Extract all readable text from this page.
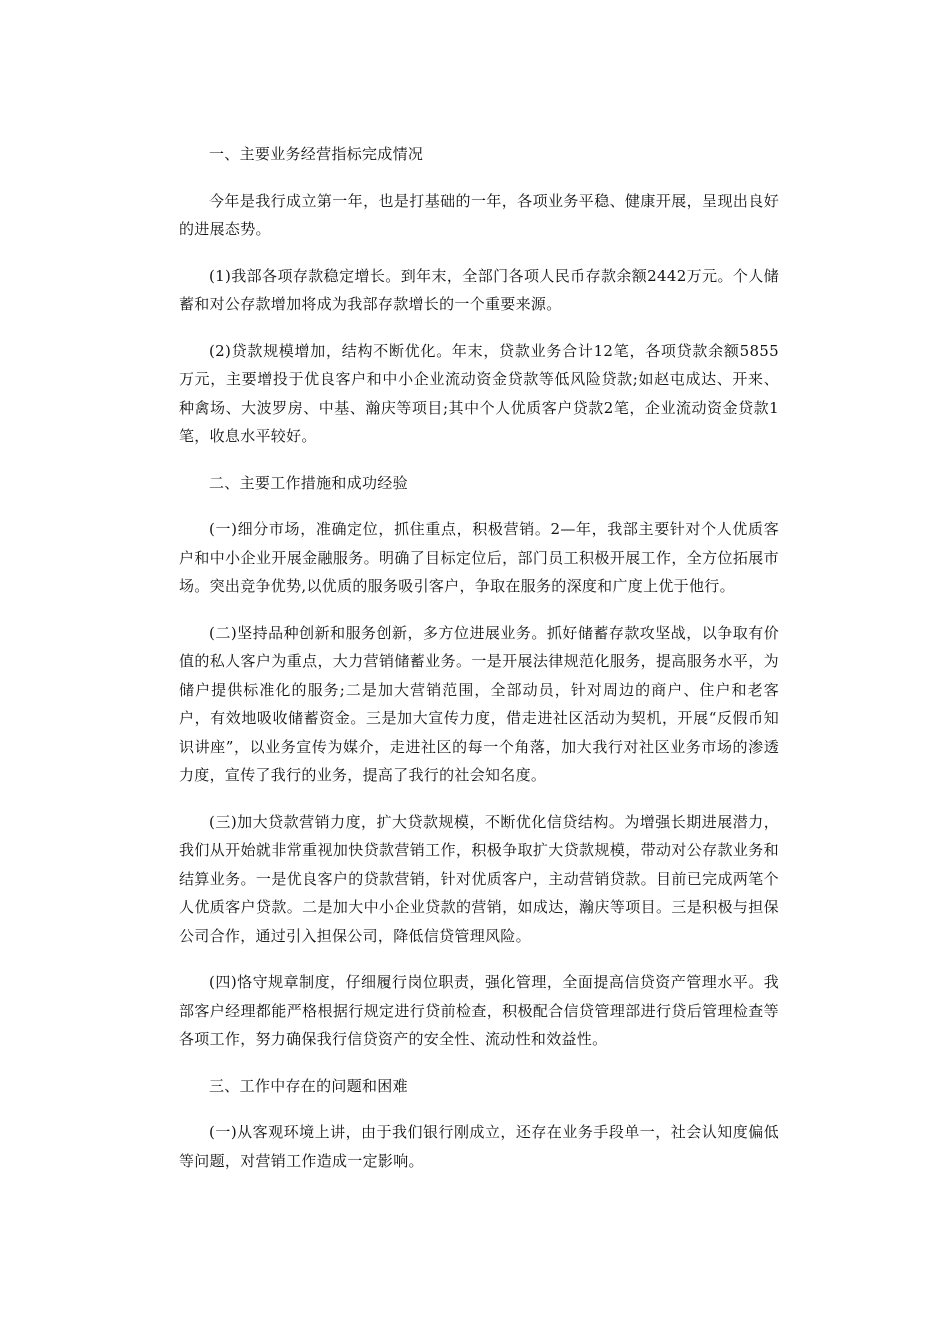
一、主要业务经营指标完成情况

今年是我行成立第一年，也是打基础的一年，各项业务平稳、健康开展，呈现出良好的进展态势。

(1)我部各项存款稳定增长。到年末，全部门各项人民币存款余额2442万元。个人储蓄和对公存款增加将成为我部存款增长的一个重要来源。

(2)贷款规模增加，结构不断优化。年末，贷款业务合计12笔，各项贷款余额5855万元，主要增投于优良客户和中小企业流动资金贷款等低风险贷款;如赵屯成达、开来、种禽场、大波罗房、中基、瀚庆等项目;其中个人优质客户贷款2笔，企业流动资金贷款1笔，收息水平较好。

二、主要工作措施和成功经验

(一)细分市场，准确定位，抓住重点，积极营销。2—年，我部主要针对个人优质客户和中小企业开展金融服务。明确了目标定位后，部门员工积极开展工作，全方位拓展市场。突出竞争优势,以优质的服务吸引客户，争取在服务的深度和广度上优于他行。

(二)坚持品种创新和服务创新，多方位进展业务。抓好储蓄存款攻坚战，以争取有价值的私人客户为重点，大力营销储蓄业务。一是开展法律规范化服务，提高服务水平，为储户提供标准化的服务;二是加大营销范围，全部动员，针对周边的商户、住户和老客户，有效地吸收储蓄资金。三是加大宣传力度，借走进社区活动为契机，开展“反假币知识讲座”，以业务宣传为媒介，走进社区的每一个角落，加大我行对社区业务市场的渗透力度，宣传了我行的业务，提高了我行的社会知名度。

(三)加大贷款营销力度，扩大贷款规模，不断优化信贷结构。为增强长期进展潜力，我们从开始就非常重视加快贷款营销工作，积极争取扩大贷款规模，带动对公存款业务和结算业务。一是优良客户的贷款营销，针对优质客户，主动营销贷款。目前已完成两笔个人优质客户贷款。二是加大中小企业贷款的营销，如成达，瀚庆等项目。三是积极与担保公司合作，通过引入担保公司，降低信贷管理风险。

(四)恪守规章制度，仔细履行岗位职责，强化管理，全面提高信贷资产管理水平。我部客户经理都能严格根据行规定进行贷前检查，积极配合信贷管理部进行贷后管理检查等各项工作，努力确保我行信贷资产的安全性、流动性和效益性。

三、工作中存在的问题和困难

(一)从客观环境上讲，由于我们银行刚成立，还存在业务手段单一，社会认知度偏低等问题，对营销工作造成一定影响。
